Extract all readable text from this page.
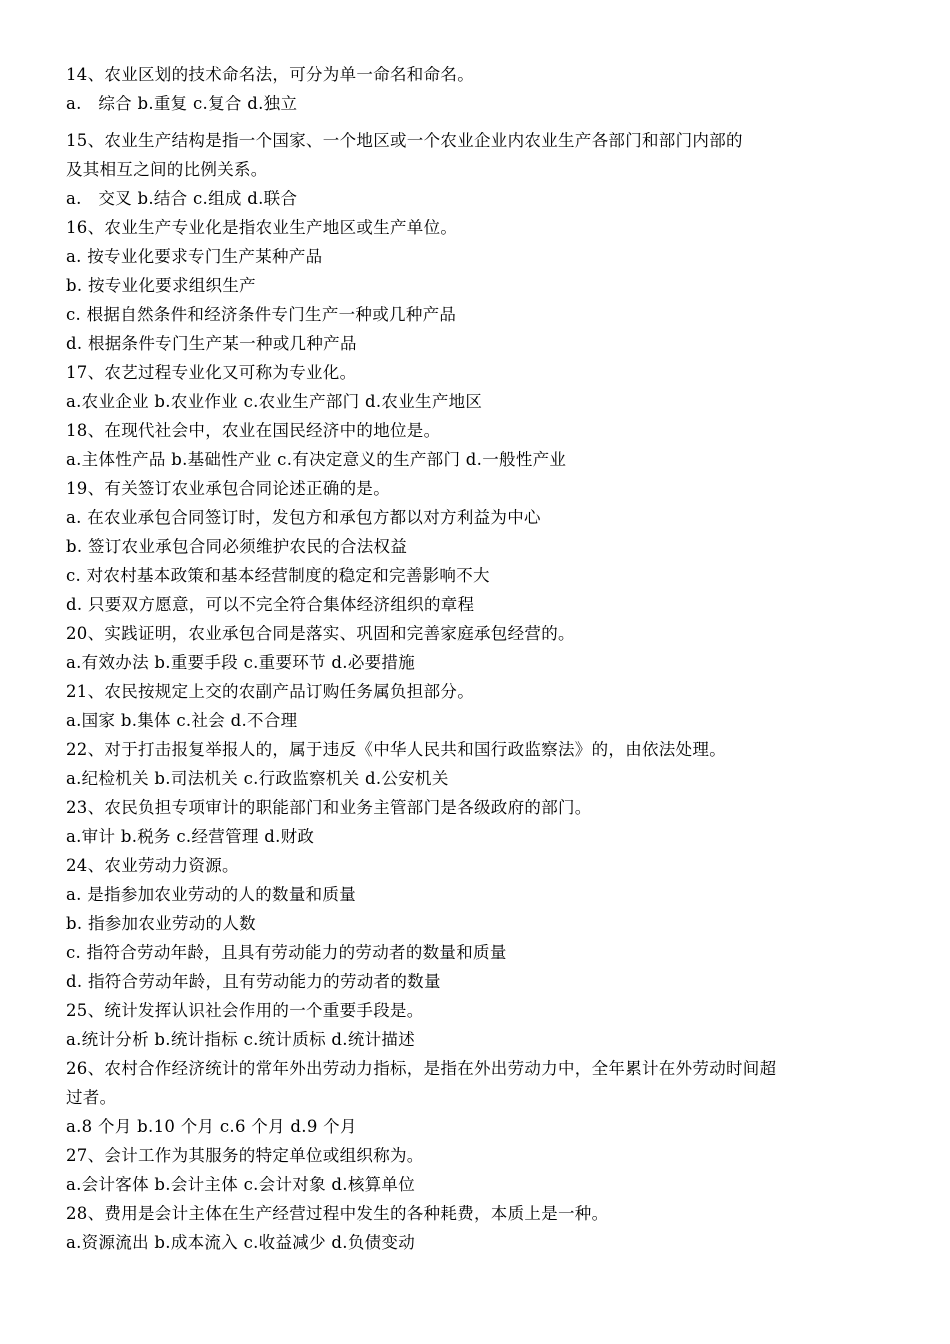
14、农业区划的技术命名法，可分为单一命名和命名。
a.   综合 b.重复 c.复合 d.独立
15、农业生产结构是指一个国家、一个地区或一个农业企业内农业生产各部门和部门内部的
及其相互之间的比例关系。
a.   交叉 b.结合 c.组成 d.联合
16、农业生产专业化是指农业生产地区或生产单位。
a. 按专业化要求专门生产某种产品
b. 按专业化要求组织生产
c. 根据自然条件和经济条件专门生产一种或几种产品
d. 根据条件专门生产某一种或几种产品
17、农艺过程专业化又可称为专业化。
a.农业企业 b.农业作业 c.农业生产部门 d.农业生产地区
18、在现代社会中，农业在国民经济中的地位是。
a.主体性产品 b.基础性产业 c.有决定意义的生产部门 d.一般性产业
19、有关签订农业承包合同论述正确的是。
a. 在农业承包合同签订时，发包方和承包方都以对方利益为中心
b. 签订农业承包合同必须维护农民的合法权益
c. 对农村基本政策和基本经营制度的稳定和完善影响不大
d. 只要双方愿意，可以不完全符合集体经济组织的章程
20、实践证明，农业承包合同是落实、巩固和完善家庭承包经营的。
a.有效办法 b.重要手段 c.重要环节 d.必要措施
21、农民按规定上交的农副产品订购任务属负担部分。
a.国家 b.集体 c.社会 d.不合理
22、对于打击报复举报人的，属于违反《中华人民共和国行政监察法》的，由依法处理。
a.纪检机关 b.司法机关 c.行政监察机关 d.公安机关
23、农民负担专项审计的职能部门和业务主管部门是各级政府的部门。
a.审计 b.税务 c.经营管理 d.财政
24、农业劳动力资源。
a. 是指参加农业劳动的人的数量和质量
b. 指参加农业劳动的人数
c. 指符合劳动年龄，且具有劳动能力的劳动者的数量和质量
d. 指符合劳动年龄，且有劳动能力的劳动者的数量
25、统计发挥认识社会作用的一个重要手段是。
a.统计分析 b.统计指标 c.统计质标 d.统计描述
26、农村合作经济统计的常年外出劳动力指标，是指在外出劳动力中，全年累计在外劳动时间超
过者。
a.8 个月 b.10 个月 c.6 个月 d.9 个月
27、会计工作为其服务的特定单位或组织称为。
a.会计客体 b.会计主体 c.会计对象 d.核算单位
28、费用是会计主体在生产经营过程中发生的各种耗费，本质上是一种。
a.资源流出 b.成本流入 c.收益减少 d.负债变动
